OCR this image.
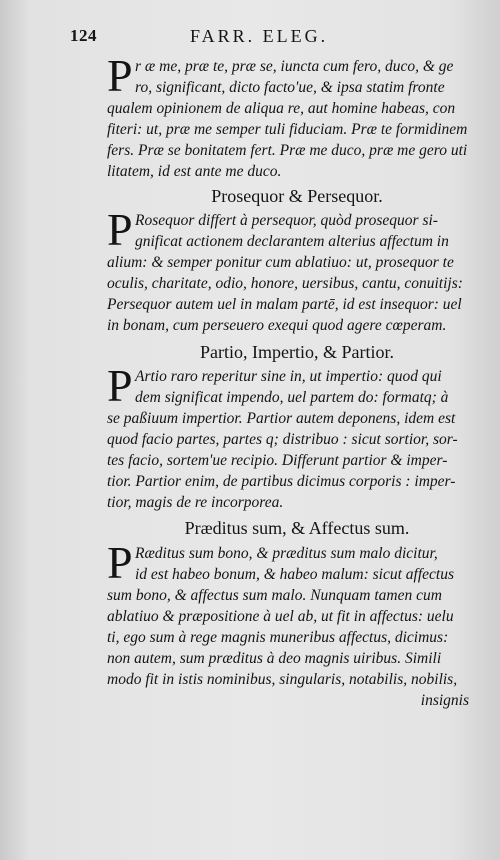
124	FARR. ELEG.
P r æ me, præ te, præ se, iuncta cum fero, duco, & ge
ro, significant, dicto facto'ue, & ipsa statim fronte
qualem opinionem de aliqua re, aut homine habeas, con
fiteri: ut, præ me semper tuli fiduciam. Præ te formidinem
fers. Præ se bonitatem fert. Præ me duco, præ me gero uti
litatem, id est ante me duco.
Prosequor & Persequor.
P Rosequor differt à persequor, quòd prosequor si-
gnificat actionem declarantem alterius affectum in
alium: & semper ponitur cum ablatiuo: ut, prosequor te
oculis, charitate, odio, honore, uersibus, cantu, conuitijs:
Persequor autem uel in malam partē, id est insequor: uel
in bonam, cum perseuero exequi quod agere cœperam.
Partio, Impertio, & Partior.
P Artio raro reperitur sine in, ut impertio: quod qui
dem significat impendo, uel partem do: formatq; à
se paßiuum impertior. Partior autem deponens, idem est
quod facio partes, partes q; distribuo : sicut sortior, sor-
tes facio, sortem'ue recipio. Differunt partior & imper-
tior. Partior enim, de partibus dicimus corporis : imper-
tior, magis de re incorporea.
Præditus sum, & Affectus sum.
P Ræditus sum bono, & præditus sum malo dicitur,
id est habeo bonum, & habeo malum: sicut affectus
sum bono, & affectus sum malo. Nunquam tamen cum
ablatiuo & præpositione à uel ab, ut fit in affectus: uelu
ti, ego sum à rege magnis muneribus affectus, dicimus:
non autem, sum præditus à deo magnis uiribus. Simili
modo fit in istis nominibus, singularis, notabilis, nobilis,
insignis
